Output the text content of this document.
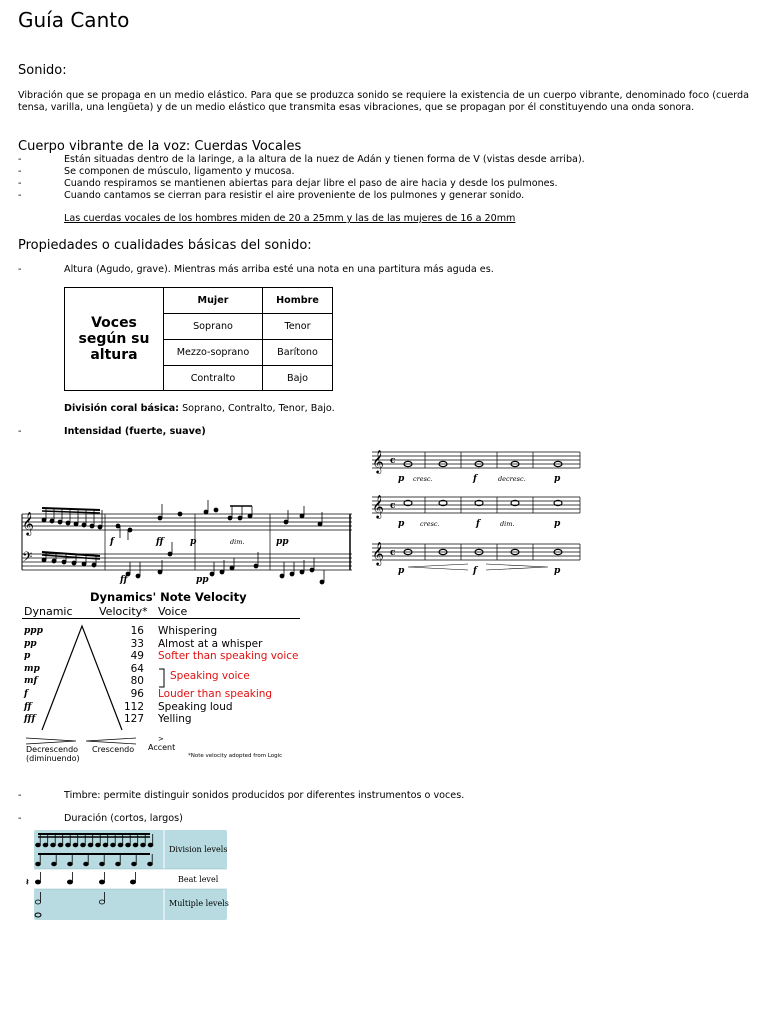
Guía Canto
Sonido:
Vibración que se propaga en un medio elástico. Para que se produzca sonido se requiere la existencia de un cuerpo vibrante, denominado foco (cuerda tensa, varilla, una lengüeta) y de un medio elástico que transmita esas vibraciones, que se propagan por él constituyendo una onda sonora.
Cuerpo vibrante de la voz: Cuerdas Vocales
-	Están situadas dentro de la laringe, a la altura de la nuez de Adán y tienen forma de V (vistas desde arriba).
-	Se componen de músculo, ligamento y mucosa.
-	Cuando respiramos se mantienen abiertas para dejar libre el paso de aire hacia y desde los pulmones.
-	Cuando cantamos se cierran para resistir el aire proveniente de los pulmones y generar sonido.
Las cuerdas vocales de los hombres miden de 20 a 25mm y las de las mujeres de 16 a 20mm
Propiedades o cualidades básicas del sonido:
-	Altura (Agudo, grave). Mientras más arriba esté una nota en una partitura más aguda es.
Voces según su altura	Mujer	Hombre
	Soprano	Tenor
	Mezzo-soprano	Barítono
	Contralto	Bajo
División coral básica: Soprano, Contralto, Tenor, Bajo.
-	Intensidad (fuerte, suave)
𝄞 c
p cresc.	f	decresc.	p
𝄞 c
p cresc.	f	dim.	p
𝄞 c
p	f	p
𝄞
𝄢
f	ff	p	dim.	pp
ff	pp
Dynamics' Note Velocity
Dynamic Velocity* Voice
ppp	16 Whispering
pp	33 Almost at a whisper
p	49 Softer than speaking voice
mp	64
mf	80
f	96 Louder than speaking
ff	112 Speaking loud
fff	127 Yelling
Speaking voice
>
Decrescendo
(diminuendo)
Crescendo Accent
*Note velocity adopted from Logic
-	Timbre: permite distinguir sonidos producidos por diferentes instrumentos o voces.
-	Duración (cortos, largos)
𝄽
Division levels
Beat level
Multiple levels
